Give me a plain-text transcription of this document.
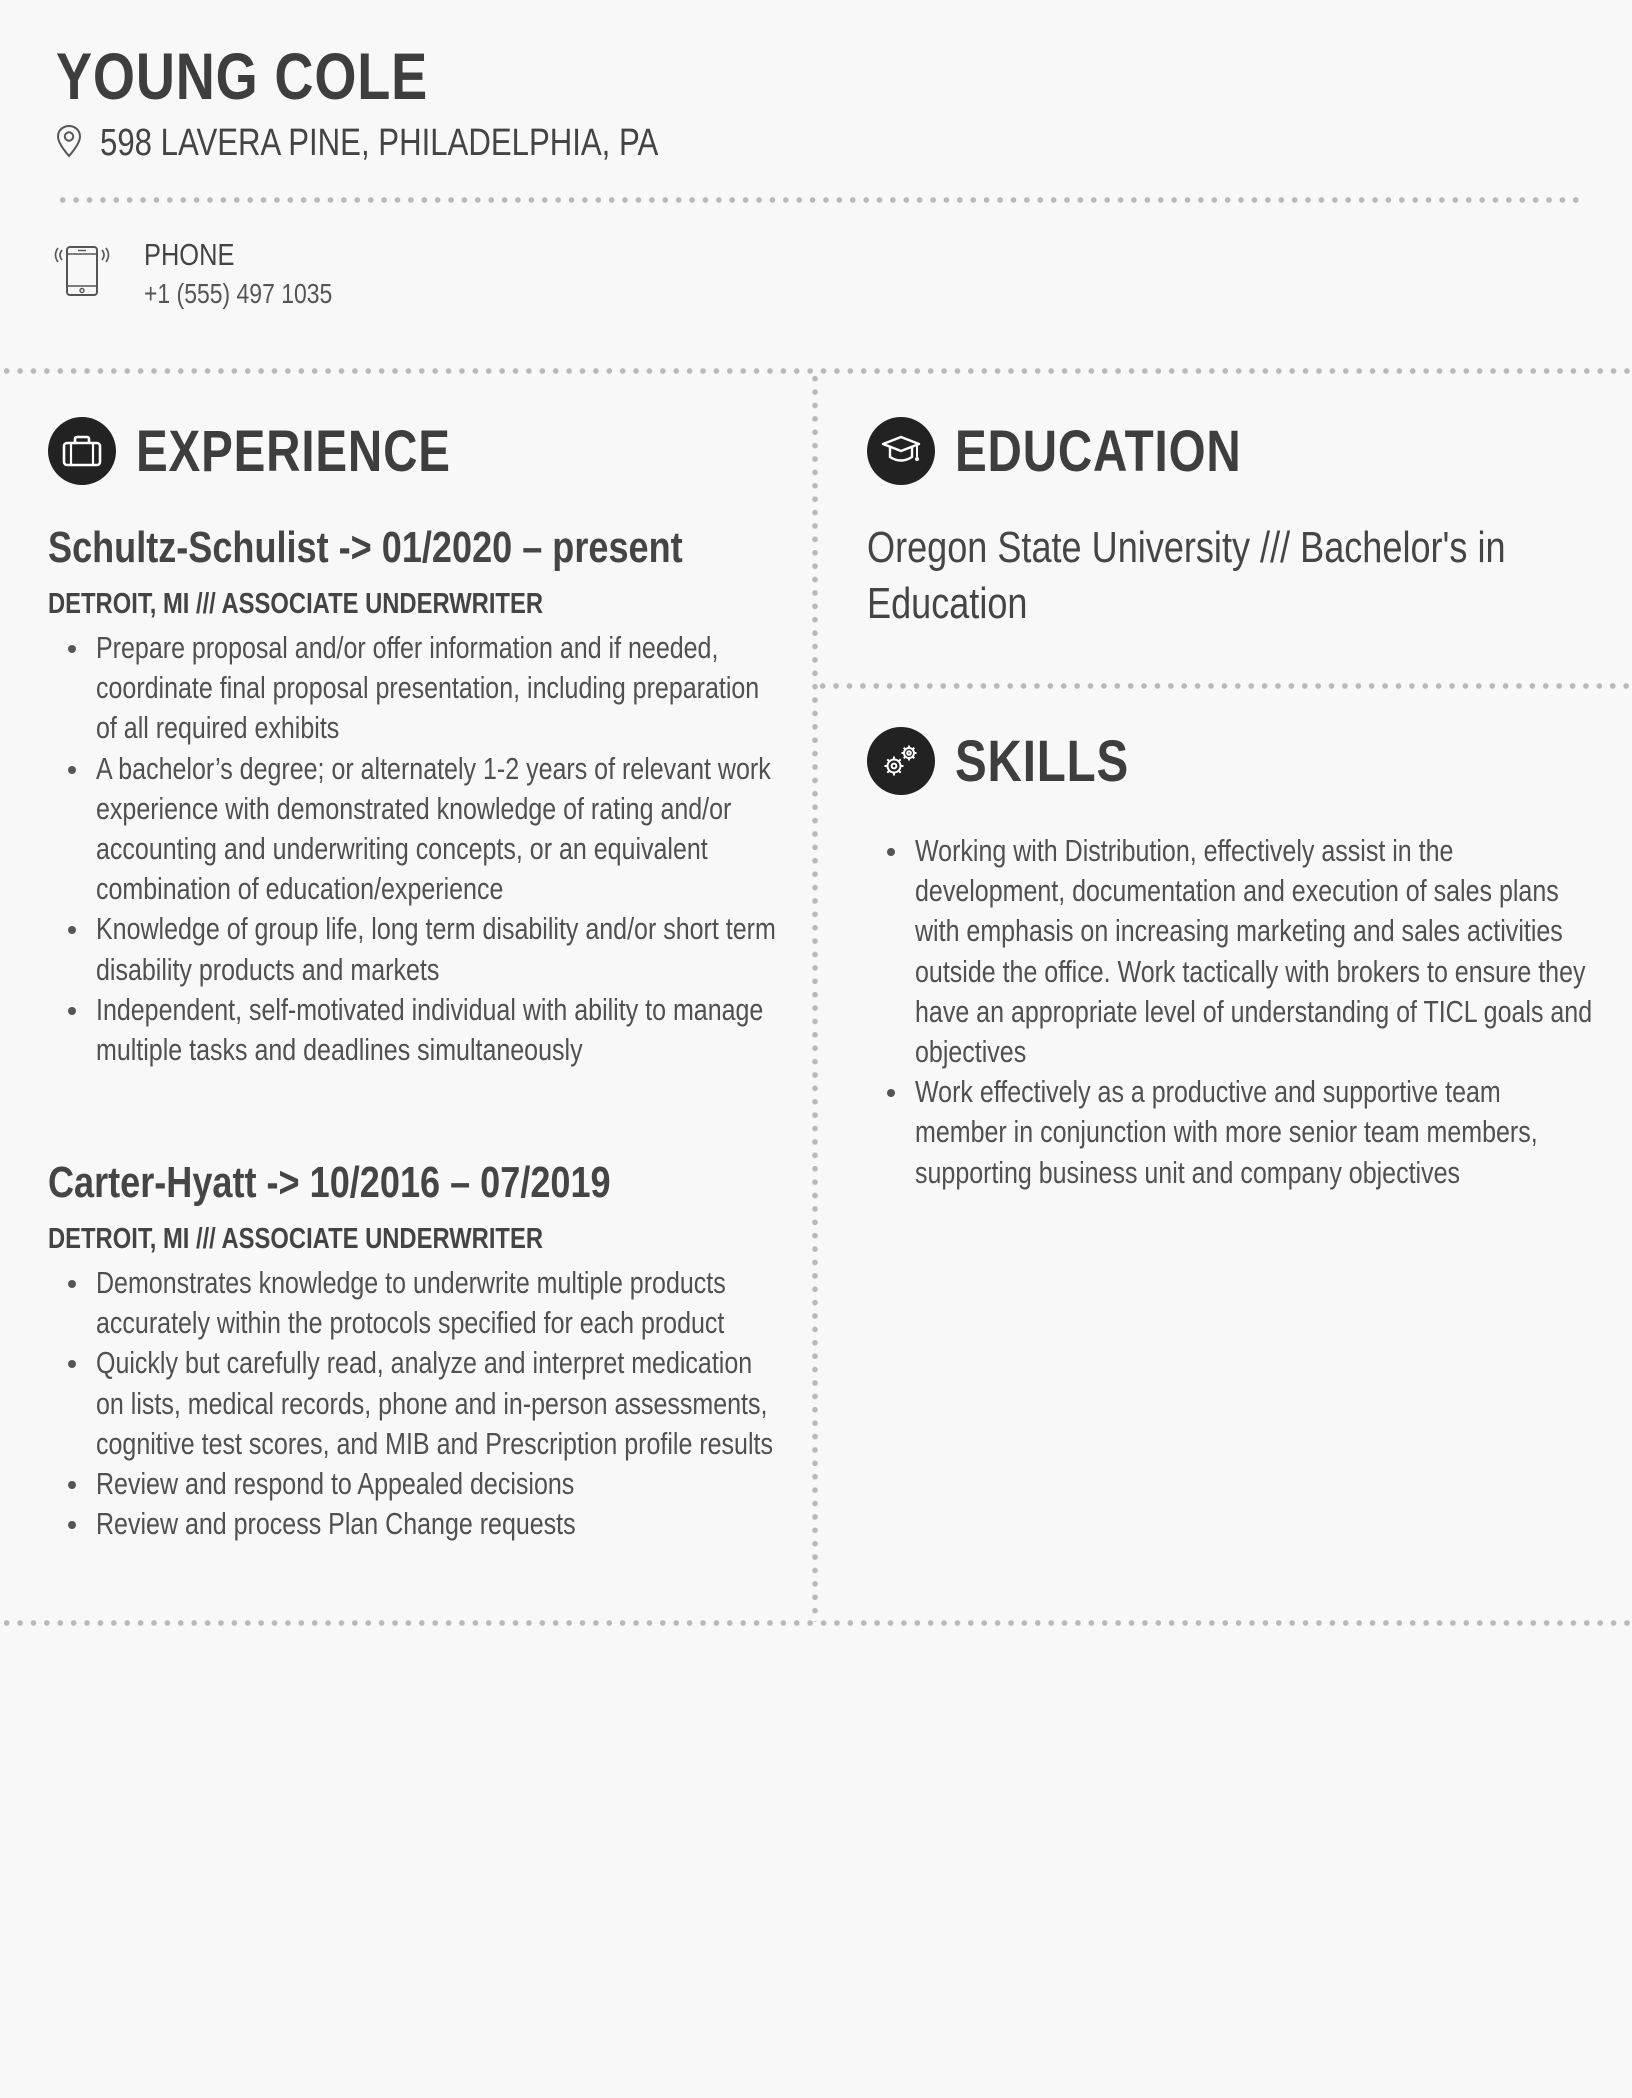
YOUNG COLE
598 LAVERA PINE, PHILADELPHIA, PA
PHONE
+1 (555) 497 1035
EXPERIENCE
Schultz-Schulist -> 01/2020 – present
DETROIT, MI /// ASSOCIATE UNDERWRITER
Prepare proposal and/or offer information and if needed, coordinate final proposal presentation, including preparation of all required exhibits
A bachelor’s degree; or alternately 1-2 years of relevant work experience with demonstrated knowledge of rating and/or accounting and underwriting concepts, or an equivalent combination of education/experience
Knowledge of group life, long term disability and/or short term disability products and markets
Independent, self-motivated individual with ability to manage multiple tasks and deadlines simultaneously
Carter-Hyatt -> 10/2016 – 07/2019
DETROIT, MI /// ASSOCIATE UNDERWRITER
Demonstrates knowledge to underwrite multiple products accurately within the protocols specified for each product
Quickly but carefully read, analyze and interpret medication on lists, medical records, phone and in-person assessments, cognitive test scores, and MIB and Prescription profile results
Review and respond to Appealed decisions
Review and process Plan Change requests
EDUCATION

Oregon State University /// Bachelor's in Education

SKILLS
Working with Distribution, effectively assist in the development, documentation and execution of sales plans with emphasis on increasing marketing and sales activities outside the office. Work tactically with brokers to ensure they have an appropriate level of understanding of TICL goals and objectives
Work effectively as a productive and supportive team member in conjunction with more senior team members, supporting business unit and company objectives
